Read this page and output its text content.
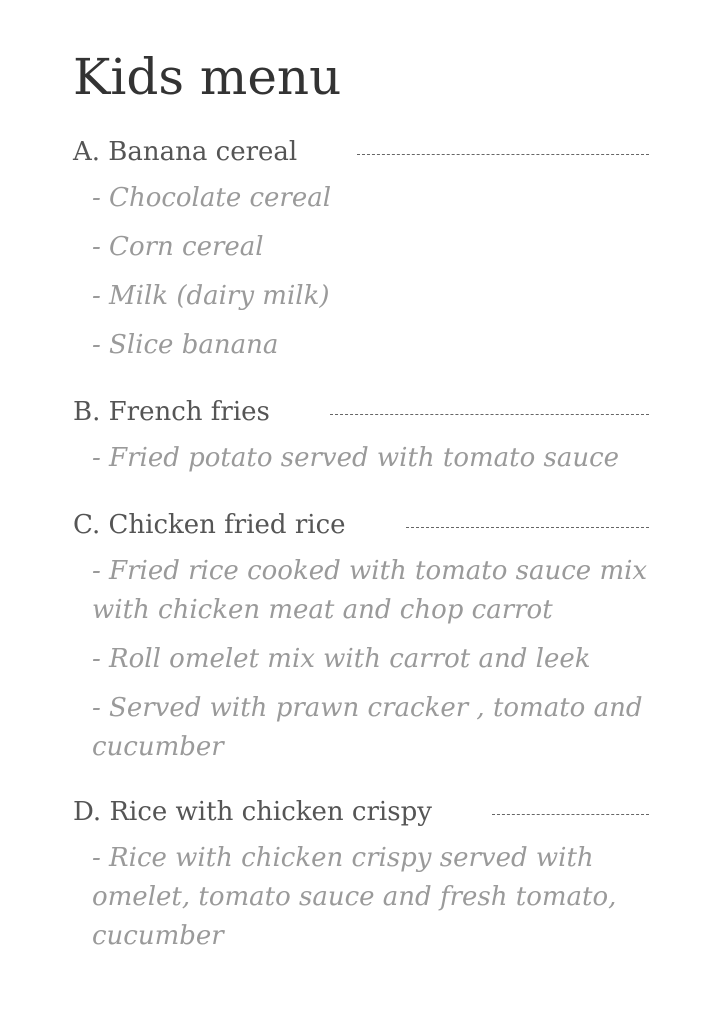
Kids menu
A. Banana cereal
- Chocolate cereal
- Corn cereal
- Milk (dairy milk)
- Slice banana
B. French fries
- Fried potato served with tomato sauce
C. Chicken fried rice
- Fried rice cooked with tomato sauce mix with chicken meat and chop carrot
- Roll omelet mix with carrot and leek
- Served with prawn cracker , tomato and cucumber
D. Rice with chicken crispy
- Rice with chicken crispy served with omelet, tomato sauce and fresh tomato, cucumber
